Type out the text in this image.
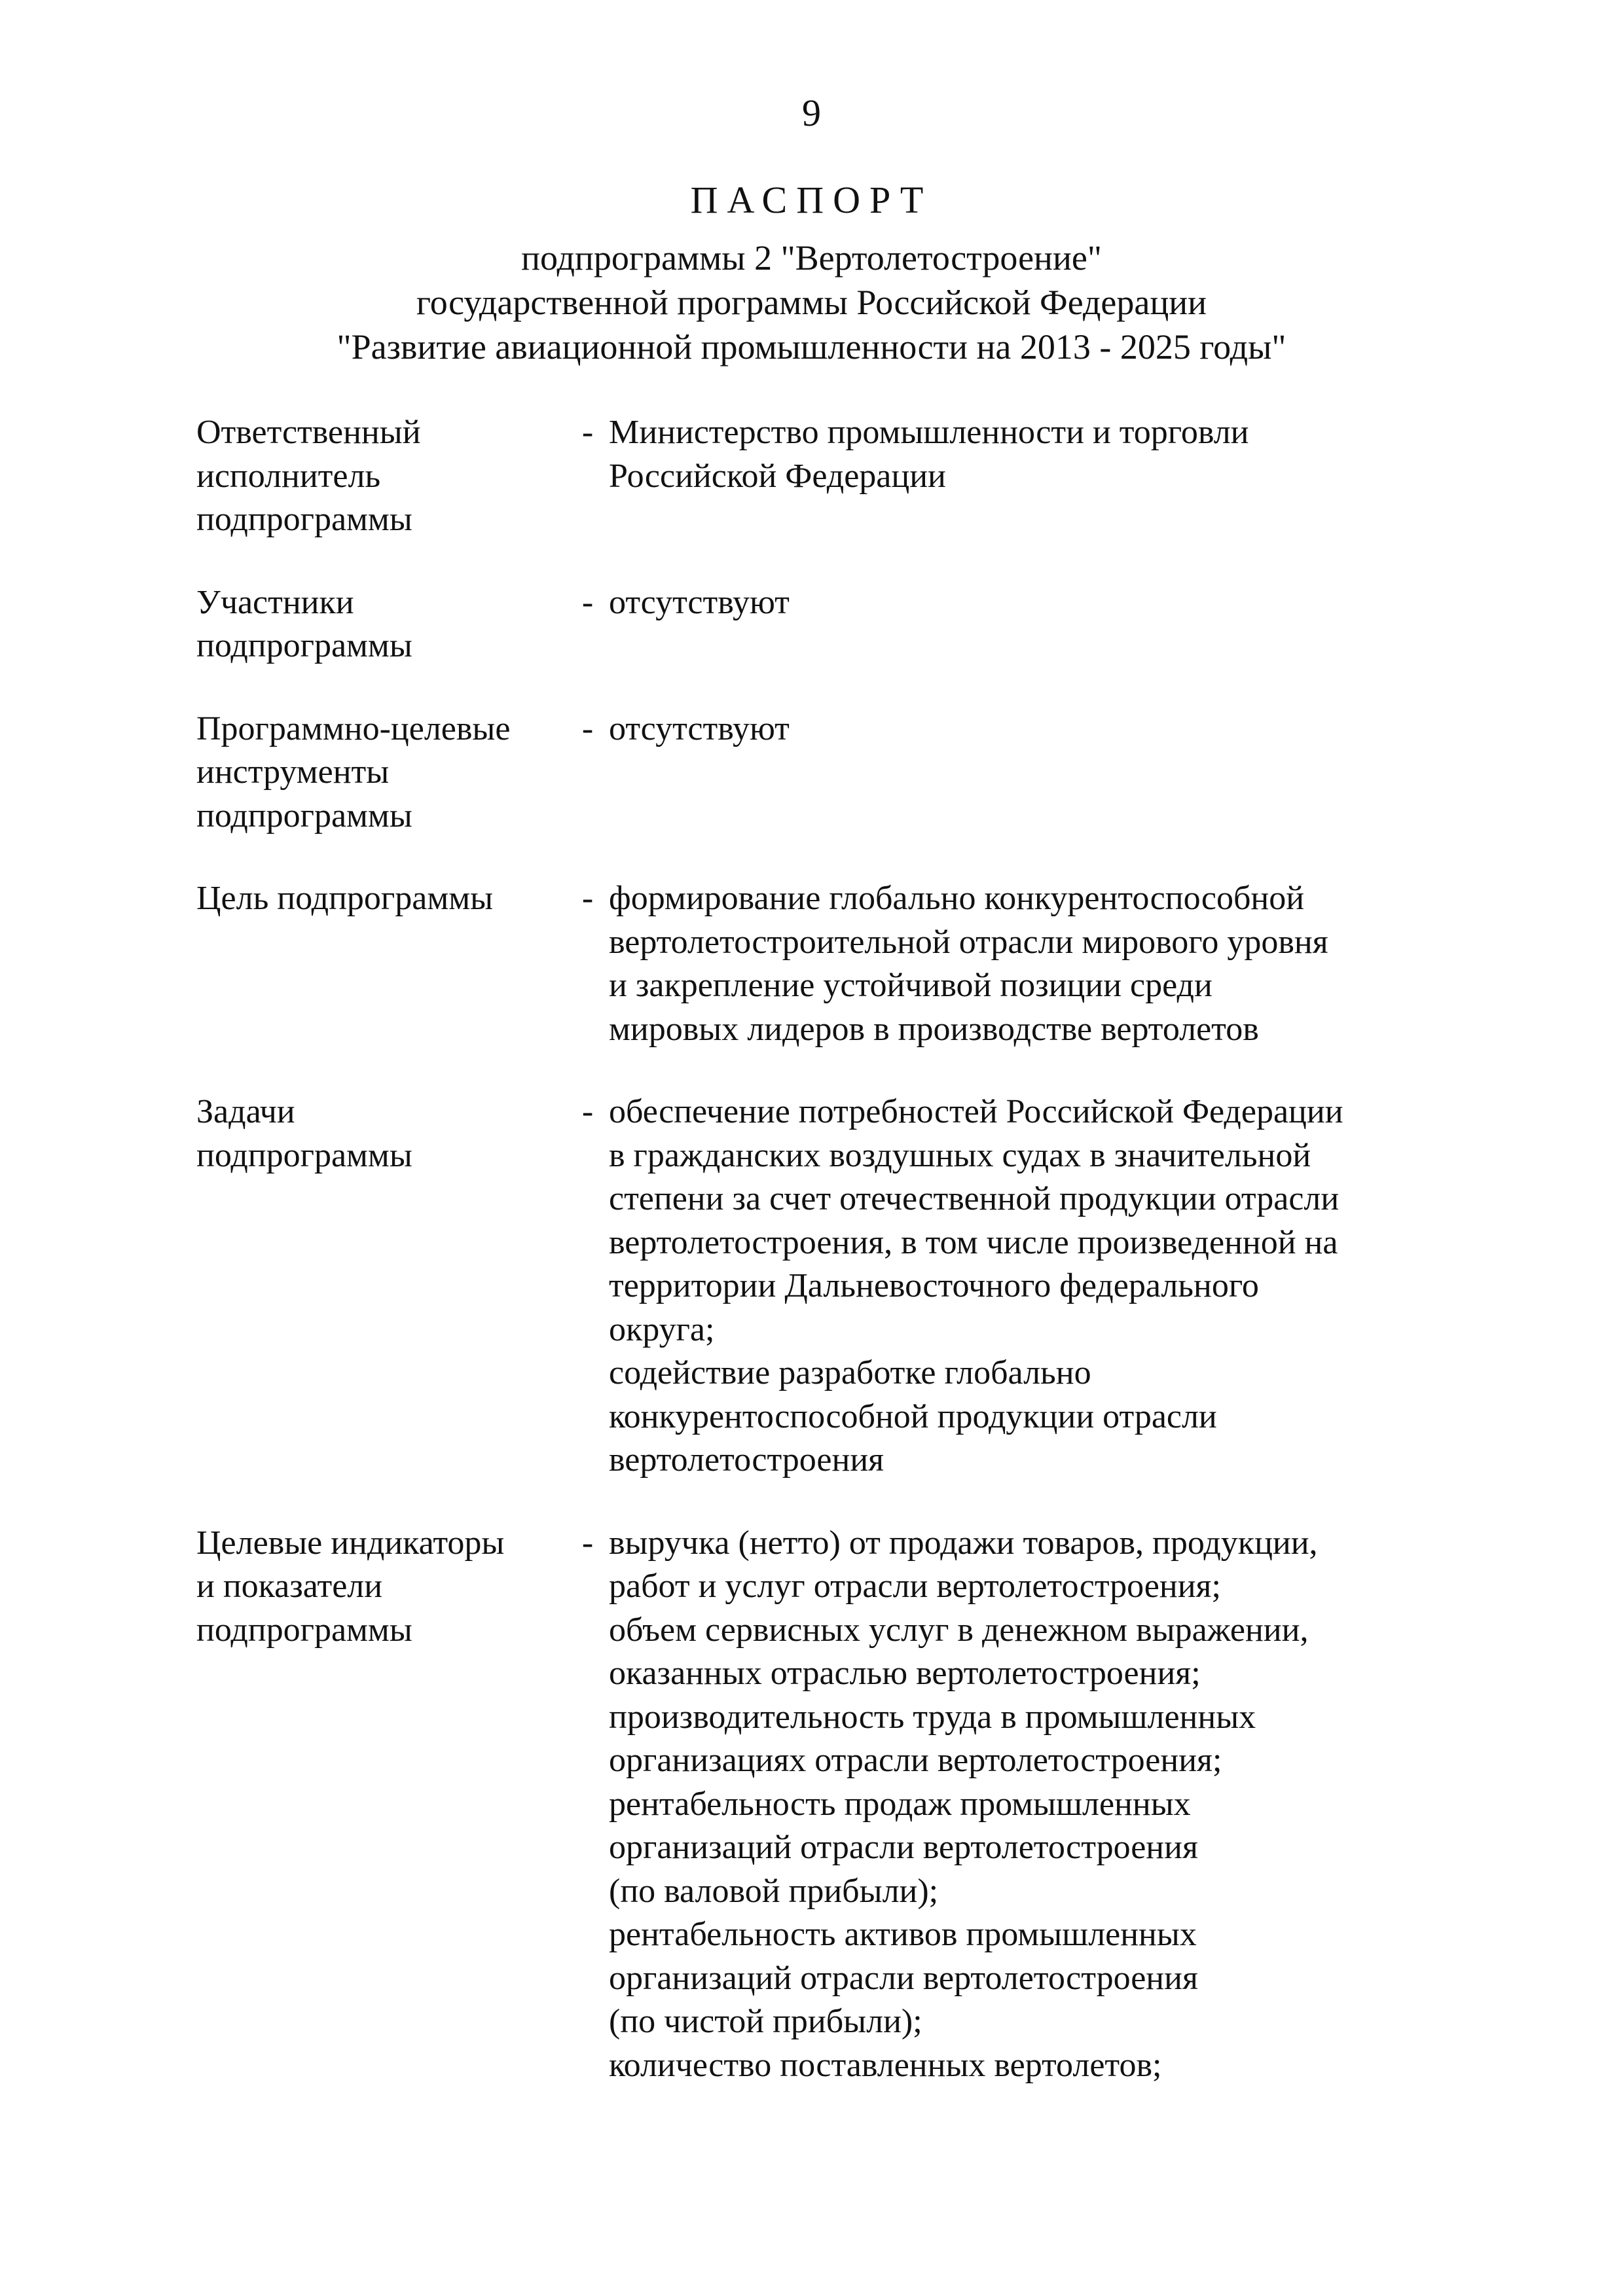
9
ПАСПОРТ
подпрограммы 2 "Вертолетостроение"
государственной программы Российской Федерации
"Развитие авиационной промышленности на 2013 - 2025 годы"
Ответственный
исполнитель
подпрограммы
- Министерство промышленности и торговли
Российской Федерации
Участники
подпрограммы
- отсутствуют
Программно-целевые
инструменты
подпрограммы
- отсутствуют
Цель подпрограммы	- формирование глобально конкурентоспособной
вертолетостроительной отрасли мирового уровня
и закрепление устойчивой позиции среди
мировых лидеров в производстве вертолетов
Задачи
подпрограммы
- обеспечение потребностей Российской Федерации
в гражданских воздушных судах в значительной
степени за счет отечественной продукции отрасли
вертолетостроения, в том числе произведенной на
территории Дальневосточного федерального
округа;
содействие разработке глобально
конкурентоспособной продукции отрасли
вертолетостроения
Целевые индикаторы
и показатели
подпрограммы
- выручка (нетто) от продажи товаров, продукции,
работ и услуг отрасли вертолетостроения;
объем сервисных услуг в денежном выражении,
оказанных отраслью вертолетостроения;
производительность труда в промышленных
организациях отрасли вертолетостроения;
рентабельность продаж промышленных
организаций отрасли вертолетостроения
(по валовой прибыли);
рентабельность активов промышленных
организаций отрасли вертолетостроения
(по чистой прибыли);
количество поставленных вертолетов;
